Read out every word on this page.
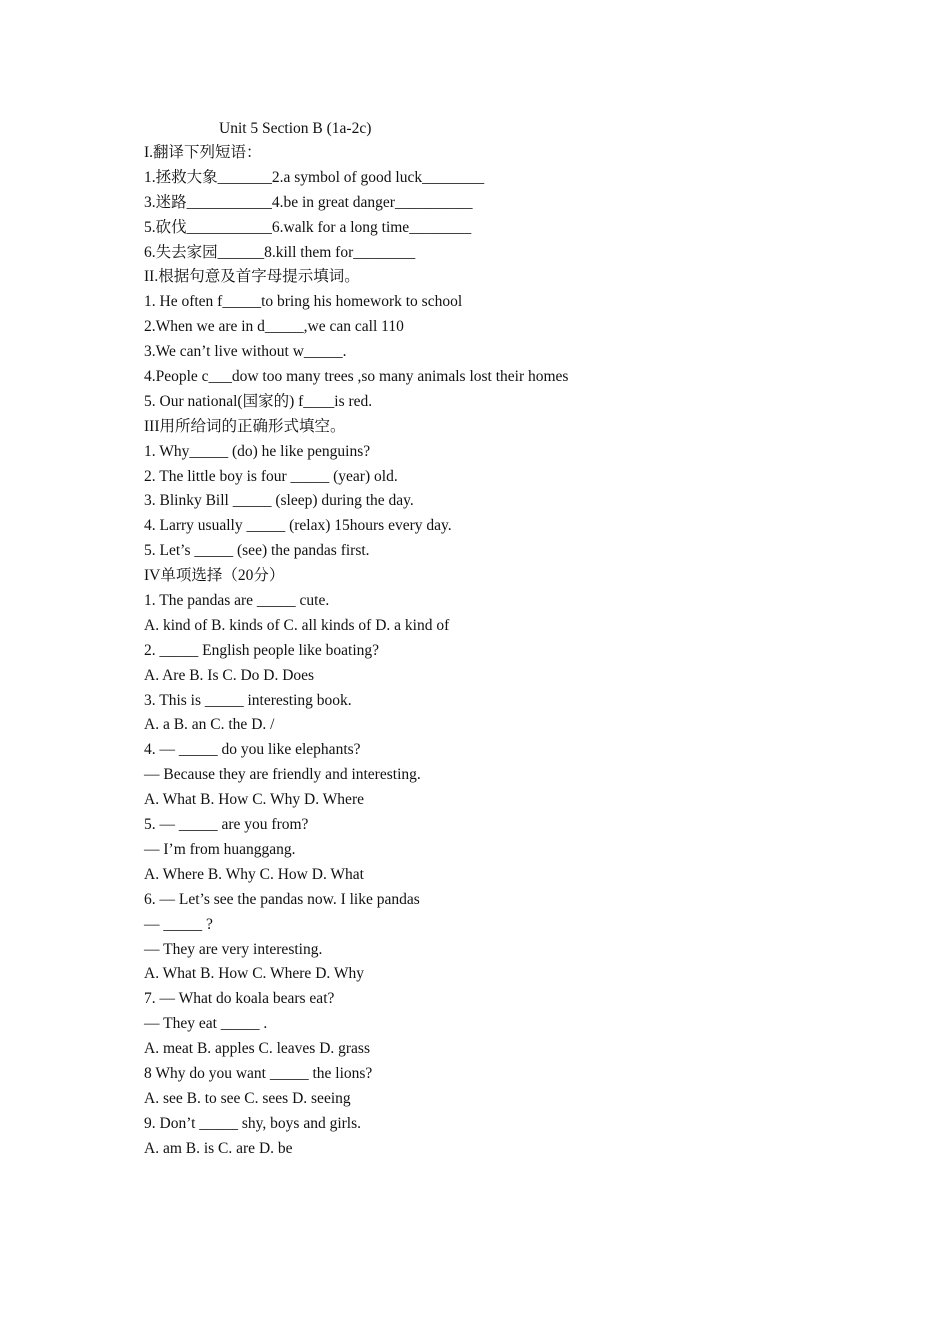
Unit 5 Section B (1a-2c)
I.翻译下列短语：
1.拯救大象_______2.a symbol of good luck________
3.迷路___________4.be in great danger__________
5.砍伐___________6.walk for a long time________
6.失去家园______8.kill them for________
II.根据句意及首字母提示填词。
1. He often f_____to bring his homework to school
2.When we are in d_____,we can call 110
3.We can’t live without w_____.
4.People c___dow too many trees ,so many animals lost their homes
5. Our national(国家的) f____is red.
III用所给词的正确形式填空。
1. Why_____ (do) he like penguins?
2. The little boy is four _____ (year) old.
3. Blinky Bill _____ (sleep) during the day.
4. Larry usually _____ (relax) 15hours every day.
5. Let’s _____ (see) the pandas first.
IV单项选择（20分）
1. The pandas are _____ cute.
A. kind of B. kinds of C. all kinds of D. a kind of
2. _____ English people like boating?
A. Are B. Is C. Do D. Does
3. This is _____ interesting book.
A. a B. an C. the D. /
4. — _____ do you like elephants?
— Because they are friendly and interesting.
A. What B. How C. Why D. Where
5. — _____ are you from?
— I’m from huanggang.
A. Where B. Why C. How D. What
6. — Let’s see the pandas now. I like pandas
— _____ ?
— They are very interesting.
A. What B. How C. Where D. Why
7. — What do koala bears eat?
— They eat _____ .
A. meat B. apples C. leaves D. grass
8 Why do you want _____ the lions?
A. see B. to see C. sees D. seeing
9. Don’t _____ shy, boys and girls.
A. am B. is C. are D. be
